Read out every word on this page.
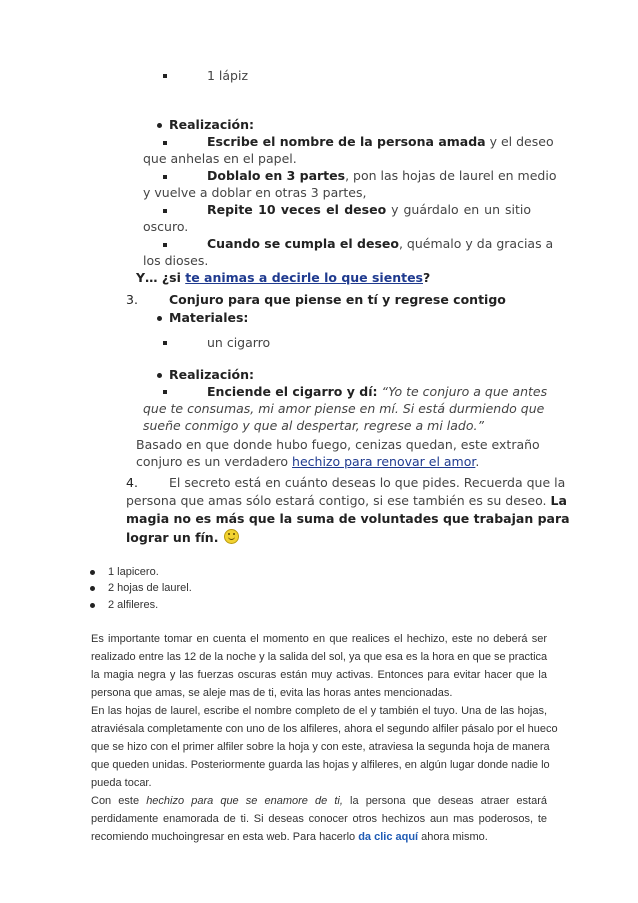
1 lápiz
Realización:
Escribe el nombre de la persona amada y el deseo
que anhelas en el papel.
Doblalo en 3 partes, pon las hojas de laurel en medio
y vuelve a doblar en otras 3 partes,
Repite 10 veces el deseo y guárdalo en un sitio
oscuro.
Cuando se cumpla el deseo, quémalo y da gracias a
los dioses.
Y… ¿si te animas a decirle lo que sientes?
3. Conjuro para que piense en tí y regrese contigo
Materiales:
un cigarro
Realización:
Enciende el cigarro y dí: “Yo te conjuro a que antes
que te consumas, mi amor piense en mí. Si está durmiendo que
sueñe conmigo y que al despertar, regrese a mi lado.”
Basado en que donde hubo fuego, cenizas quedan, este extraño
conjuro es un verdadero hechizo para renovar el amor.
4. El secreto está en cuánto deseas lo que pides. Recuerda que la
persona que amas sólo estará contigo, si ese también es su deseo. La
magia no es más que la suma de voluntades que trabajan para
lograr un fín.
1 lapicero.
2 hojas de laurel.
2 alfileres.
Es importante tomar en cuenta el momento en que realices el hechizo, este no deberá ser
realizado entre las 12 de la noche y la salida del sol, ya que esa es la hora en que se practica
la magia negra y las fuerzas oscuras están muy activas. Entonces para evitar hacer que la
persona que amas, se aleje mas de ti, evita las horas antes mencionadas.
En las hojas de laurel, escribe el nombre completo de el y también el tuyo. Una de las hojas,
atraviésala completamente con uno de los alfileres, ahora el segundo alfiler pásalo por el hueco
que se hizo con el primer alfiler sobre la hoja y con este, atraviesa la segunda hoja de manera
que queden unidas. Posteriormente guarda las hojas y alfileres, en algún lugar donde nadie lo
pueda tocar.
Con este hechizo para que se enamore de ti, la persona que deseas atraer estará
perdidamente enamorada de ti. Si deseas conocer otros hechizos aun mas poderosos, te
recomiendo muchoingresar en esta web. Para hacerlo da clic aquí ahora mismo.
